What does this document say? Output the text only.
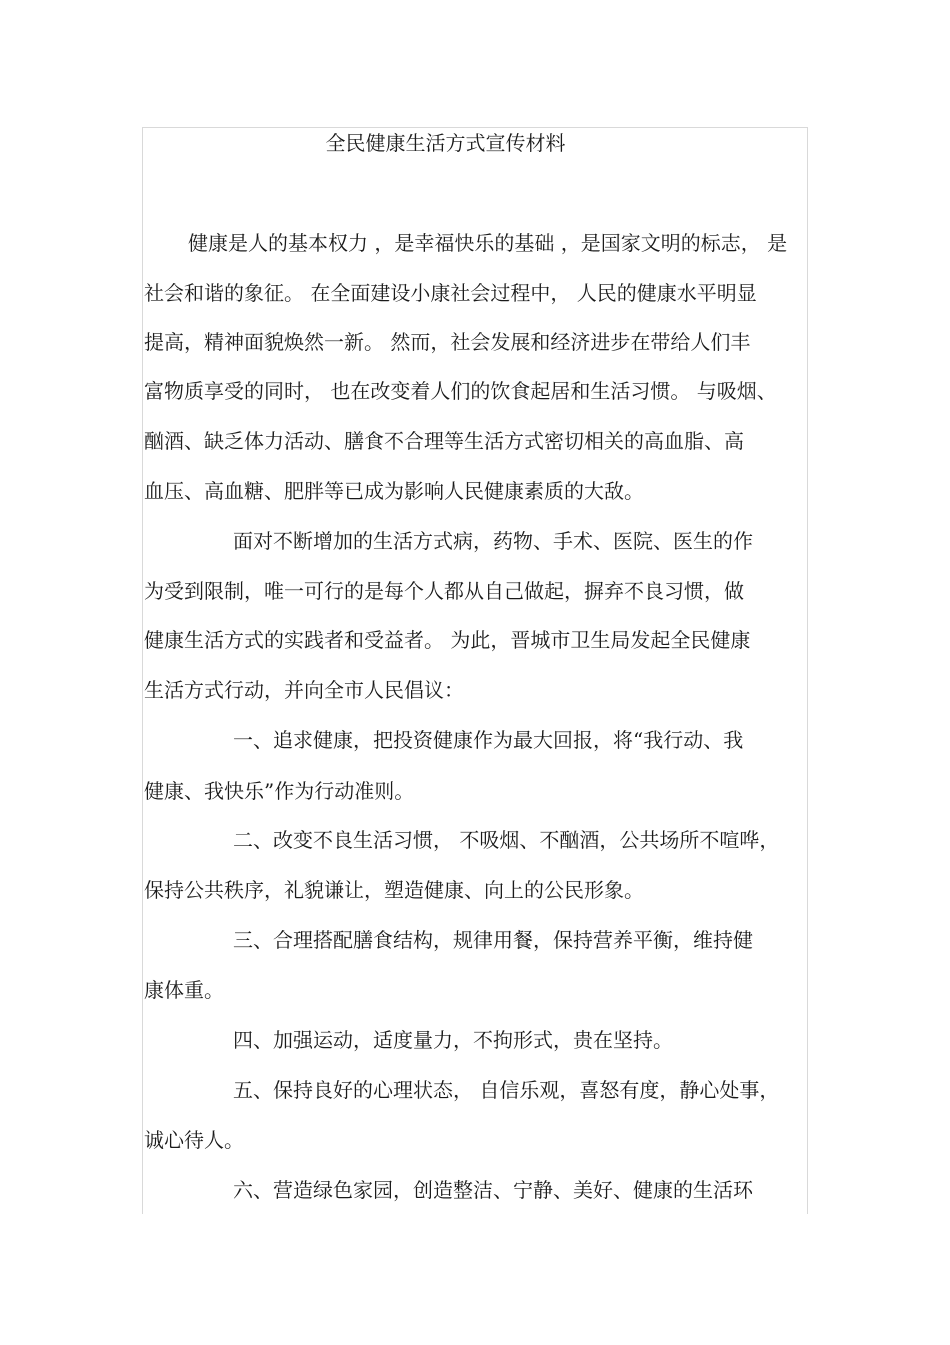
全民健康生活方式宣传材料
健康是人的基本权力 ，是幸福快乐的基础 ，是国家文明的标志， 是
社会和谐的象征。 在全面建设小康社会过程中， 人民的健康水平明显
提高，精神面貌焕然一新。 然而，社会发展和经济进步在带给人们丰
富物质享受的同时， 也在改变着人们的饮食起居和生活习惯。 与吸烟、
酗酒、缺乏体力活动、膳食不合理等生活方式密切相关的高血脂、高
血压、高血糖、肥胖等已成为影响人民健康素质的大敌。
面对不断增加的生活方式病，药物、手术、医院、医生的作
为受到限制，唯一可行的是每个人都从自己做起，摒弃不良习惯，做
健康生活方式的实践者和受益者。 为此，晋城市卫生局发起全民健康
生活方式行动，并向全市人民倡议：
一、追求健康，把投资健康作为最大回报，将“我行动、我
健康、我快乐”作为行动准则。
二、改变不良生活习惯， 不吸烟、不酗酒，公共场所不喧哗，
保持公共秩序，礼貌谦让，塑造健康、向上的公民形象。
三、合理搭配膳食结构，规律用餐，保持营养平衡，维持健
康体重。
四、加强运动，适度量力，不拘形式，贵在坚持。
五、保持良好的心理状态， 自信乐观，喜怒有度，静心处事，
诚心待人。
六、营造绿色家园，创造整洁、宁静、美好、健康的生活环
